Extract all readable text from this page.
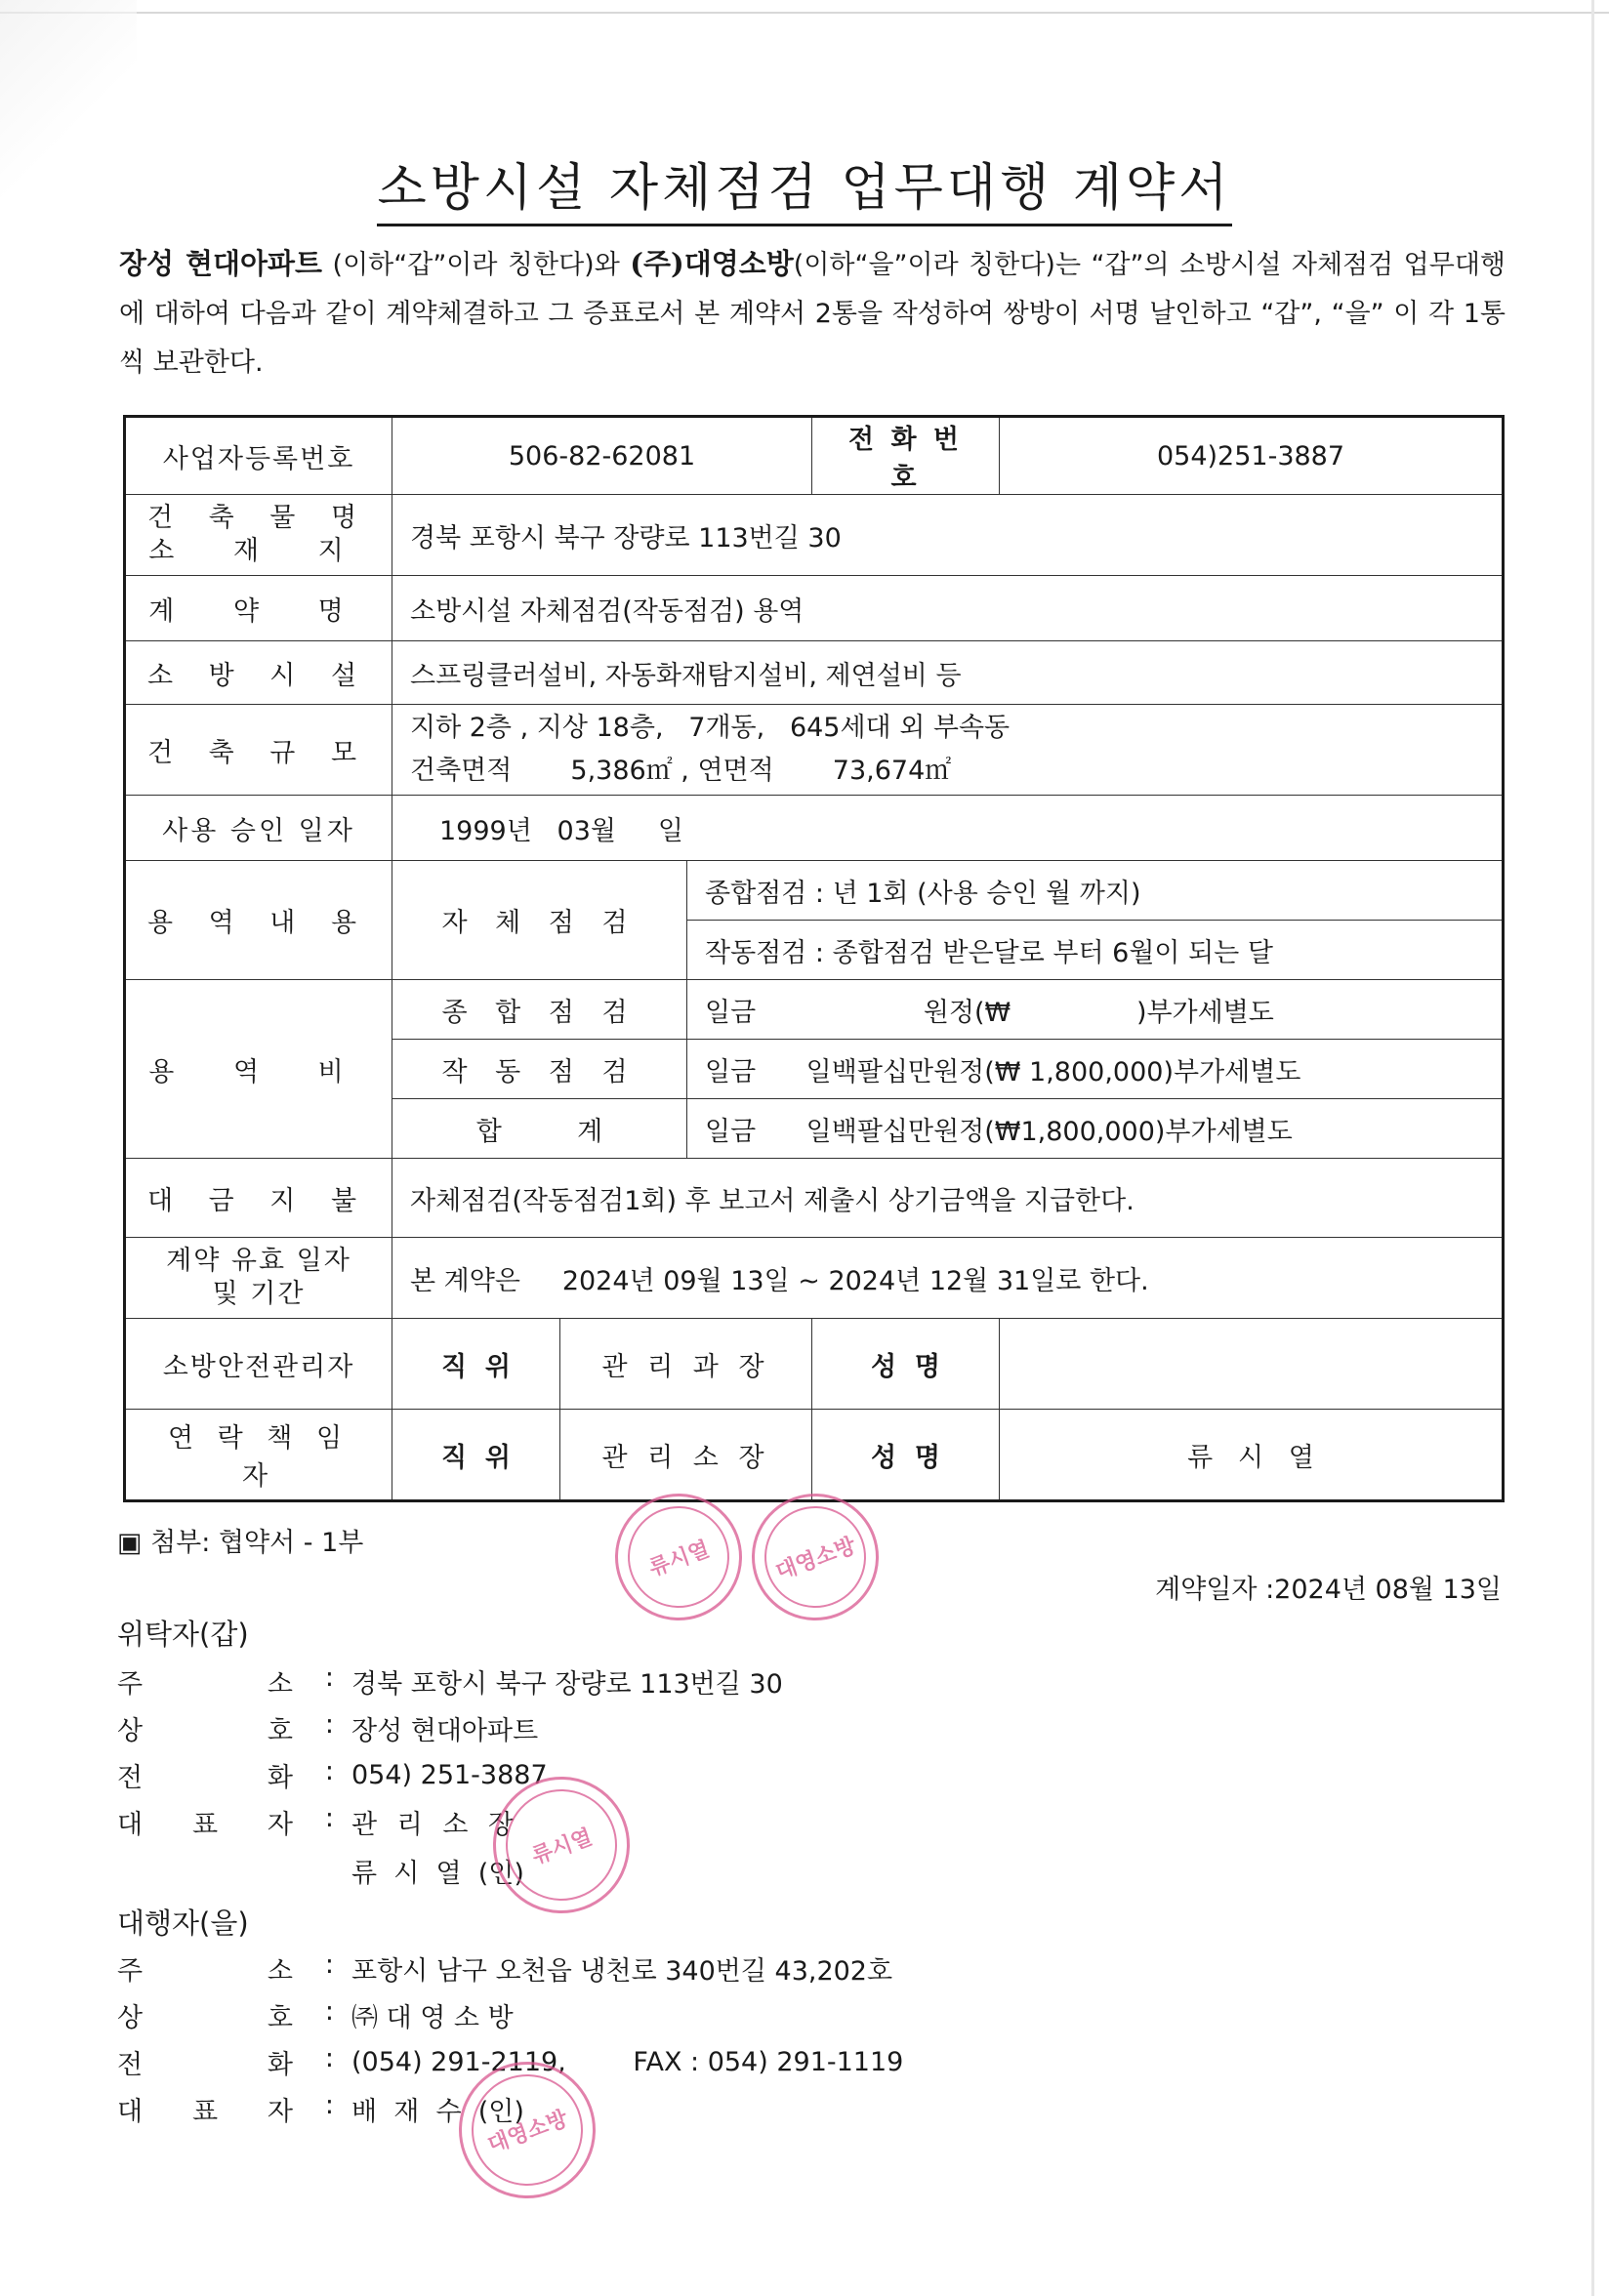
소방시설 자체점검 업무대행 계약서
장성 현대아파트 (이하“갑”이라 칭한다)와 (주)대영소방(이하“을”이라 칭한다)는 “갑”의 소방시설 자체점검 업무대행에 대하여 다음과 같이 계약체결하고 그 증표로서 본 계약서 2통을 작성하여 쌍방이 서명 날인하고 “갑”, “을” 이 각 1통씩 보관한다.
사업자등록번호	506-82-62081			전 화 번 호	054)251-3887

건 축 물 명
소 재 지	경북 포항시 북구 장량로 113번길 30				
계 약 명	소방시설 자체점검(작동점검) 용역				
소 방 시 설	스프링클러설비, 자동화재탐지설비, 제연설비 등				
건 축 규 모	지하 2층 , 지상 18층,   7개동,   645세대 외 부속동
건축면적       5,386㎡ , 연면적       73,674㎡				

사용 승인 일자	1999년   03월     일				
용 역 내 용	자 체 점 검		종합점검 : 년 1회 (사용 승인 월 까지)		
			작동점검 : 종합점검 받은달로 부터 6월이 되는 달		
용 역 비	종 합 점 검		일금                    원정(₩               )부가세별도		
	작 동 점 검		일금      일백팔십만원정(₩ 1,800,000)부가세별도		
	합         계		일금      일백팔십만원정(₩1,800,000)부가세별도		
대 금 지 불	자체점검(작동점검1회) 후 보고서 제출시 상기금액을 지급한다.				

계약 유효 일자
및 기간	본 계약은     2024년 09월 13일 ~ 2024년 12월 31일로 한다.				
소방안전관리자	직  위	관 리 과 장		성  명	
연 락 책 임 자	직  위	관 리 소 장		성  명	류   시   열
류시열	대영소방
▣ 첨부: 협약서 - 1부
계약일자 :2024년 08월 13일
위탁자(갑)
주	소 : 경북 포항시 북구 장량로 113번길 30
상	호 : 장성 현대아파트
전	화 : 054) 251-3887
대 표 자 : 관 리 소 장
류  시  열  (인)
류시열
대행자(을)
주	소 : 포항시 남구 오천읍 냉천로 340번길 43,202호
상	호 : ㈜ 대 영 소 방
전	화 : (054) 291-2119,        FAX : 054) 291-1119
대 표 자 : 배  재  수  (인)
대영소방
